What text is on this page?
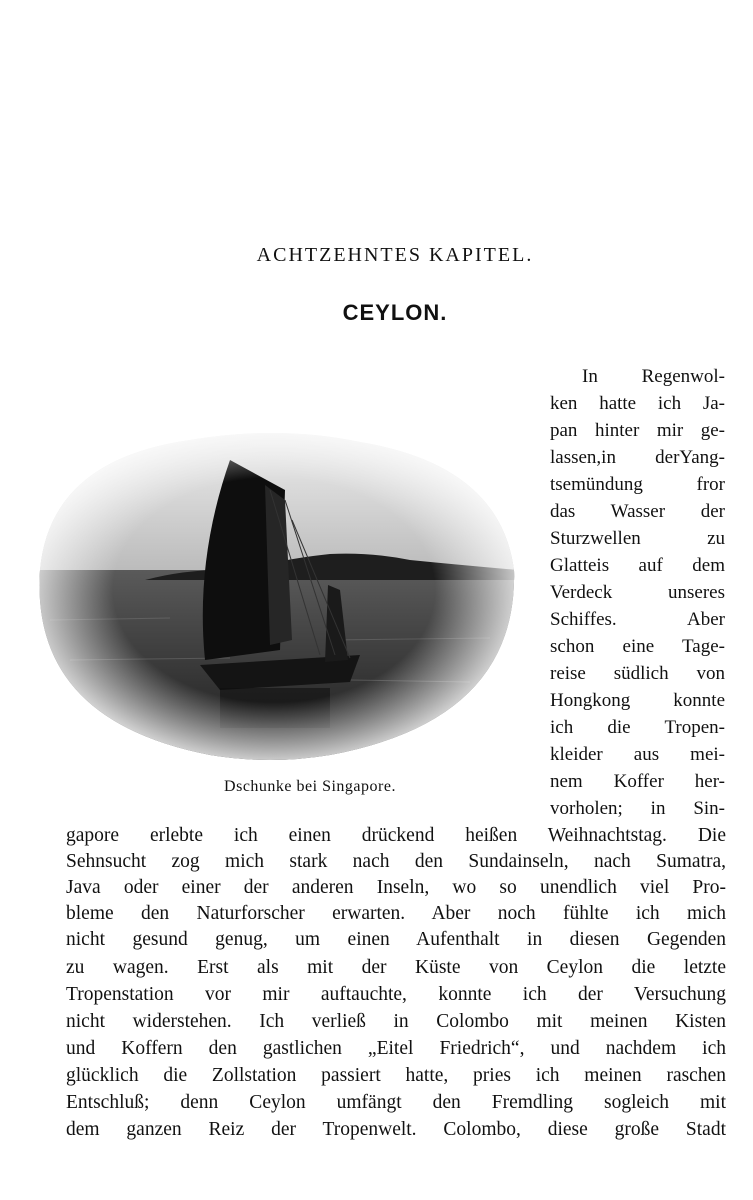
ACHTZEHNTES KAPITEL.
CEYLON.
Dschunke bei Singapore.
In Regenwol-
ken hatte ich Ja-
pan hinter mir ge-
lassen,in derYang-
tsemündung fror
das Wasser der
Sturzwellen zu
Glatteis auf dem
Verdeck unseres
Schiffes. Aber
schon eine Tage-
reise südlich von
Hongkong konnte
ich die Tropen-
kleider aus mei-
nem Koffer her-
vorholen; in Sin-
gapore erlebte ich einen drückend heißen Weihnachtstag. Die
Sehnsucht zog mich stark nach den Sundainseln, nach Sumatra,
Java oder einer der anderen Inseln, wo so unendlich viel Pro-
bleme den Naturforscher erwarten. Aber noch fühlte ich mich
nicht gesund genug, um einen Aufenthalt in diesen Gegenden
zu wagen. Erst als mit der Küste von Ceylon die letzte
Tropenstation vor mir auftauchte, konnte ich der Versuchung
nicht widerstehen. Ich verließ in Colombo mit meinen Kisten
und Koffern den gastlichen „Eitel Friedrich“, und nachdem ich
glücklich die Zollstation passiert hatte, pries ich meinen raschen
Entschluß; denn Ceylon umfängt den Fremdling sogleich mit
dem ganzen Reiz der Tropenwelt. Colombo, diese große Stadt
